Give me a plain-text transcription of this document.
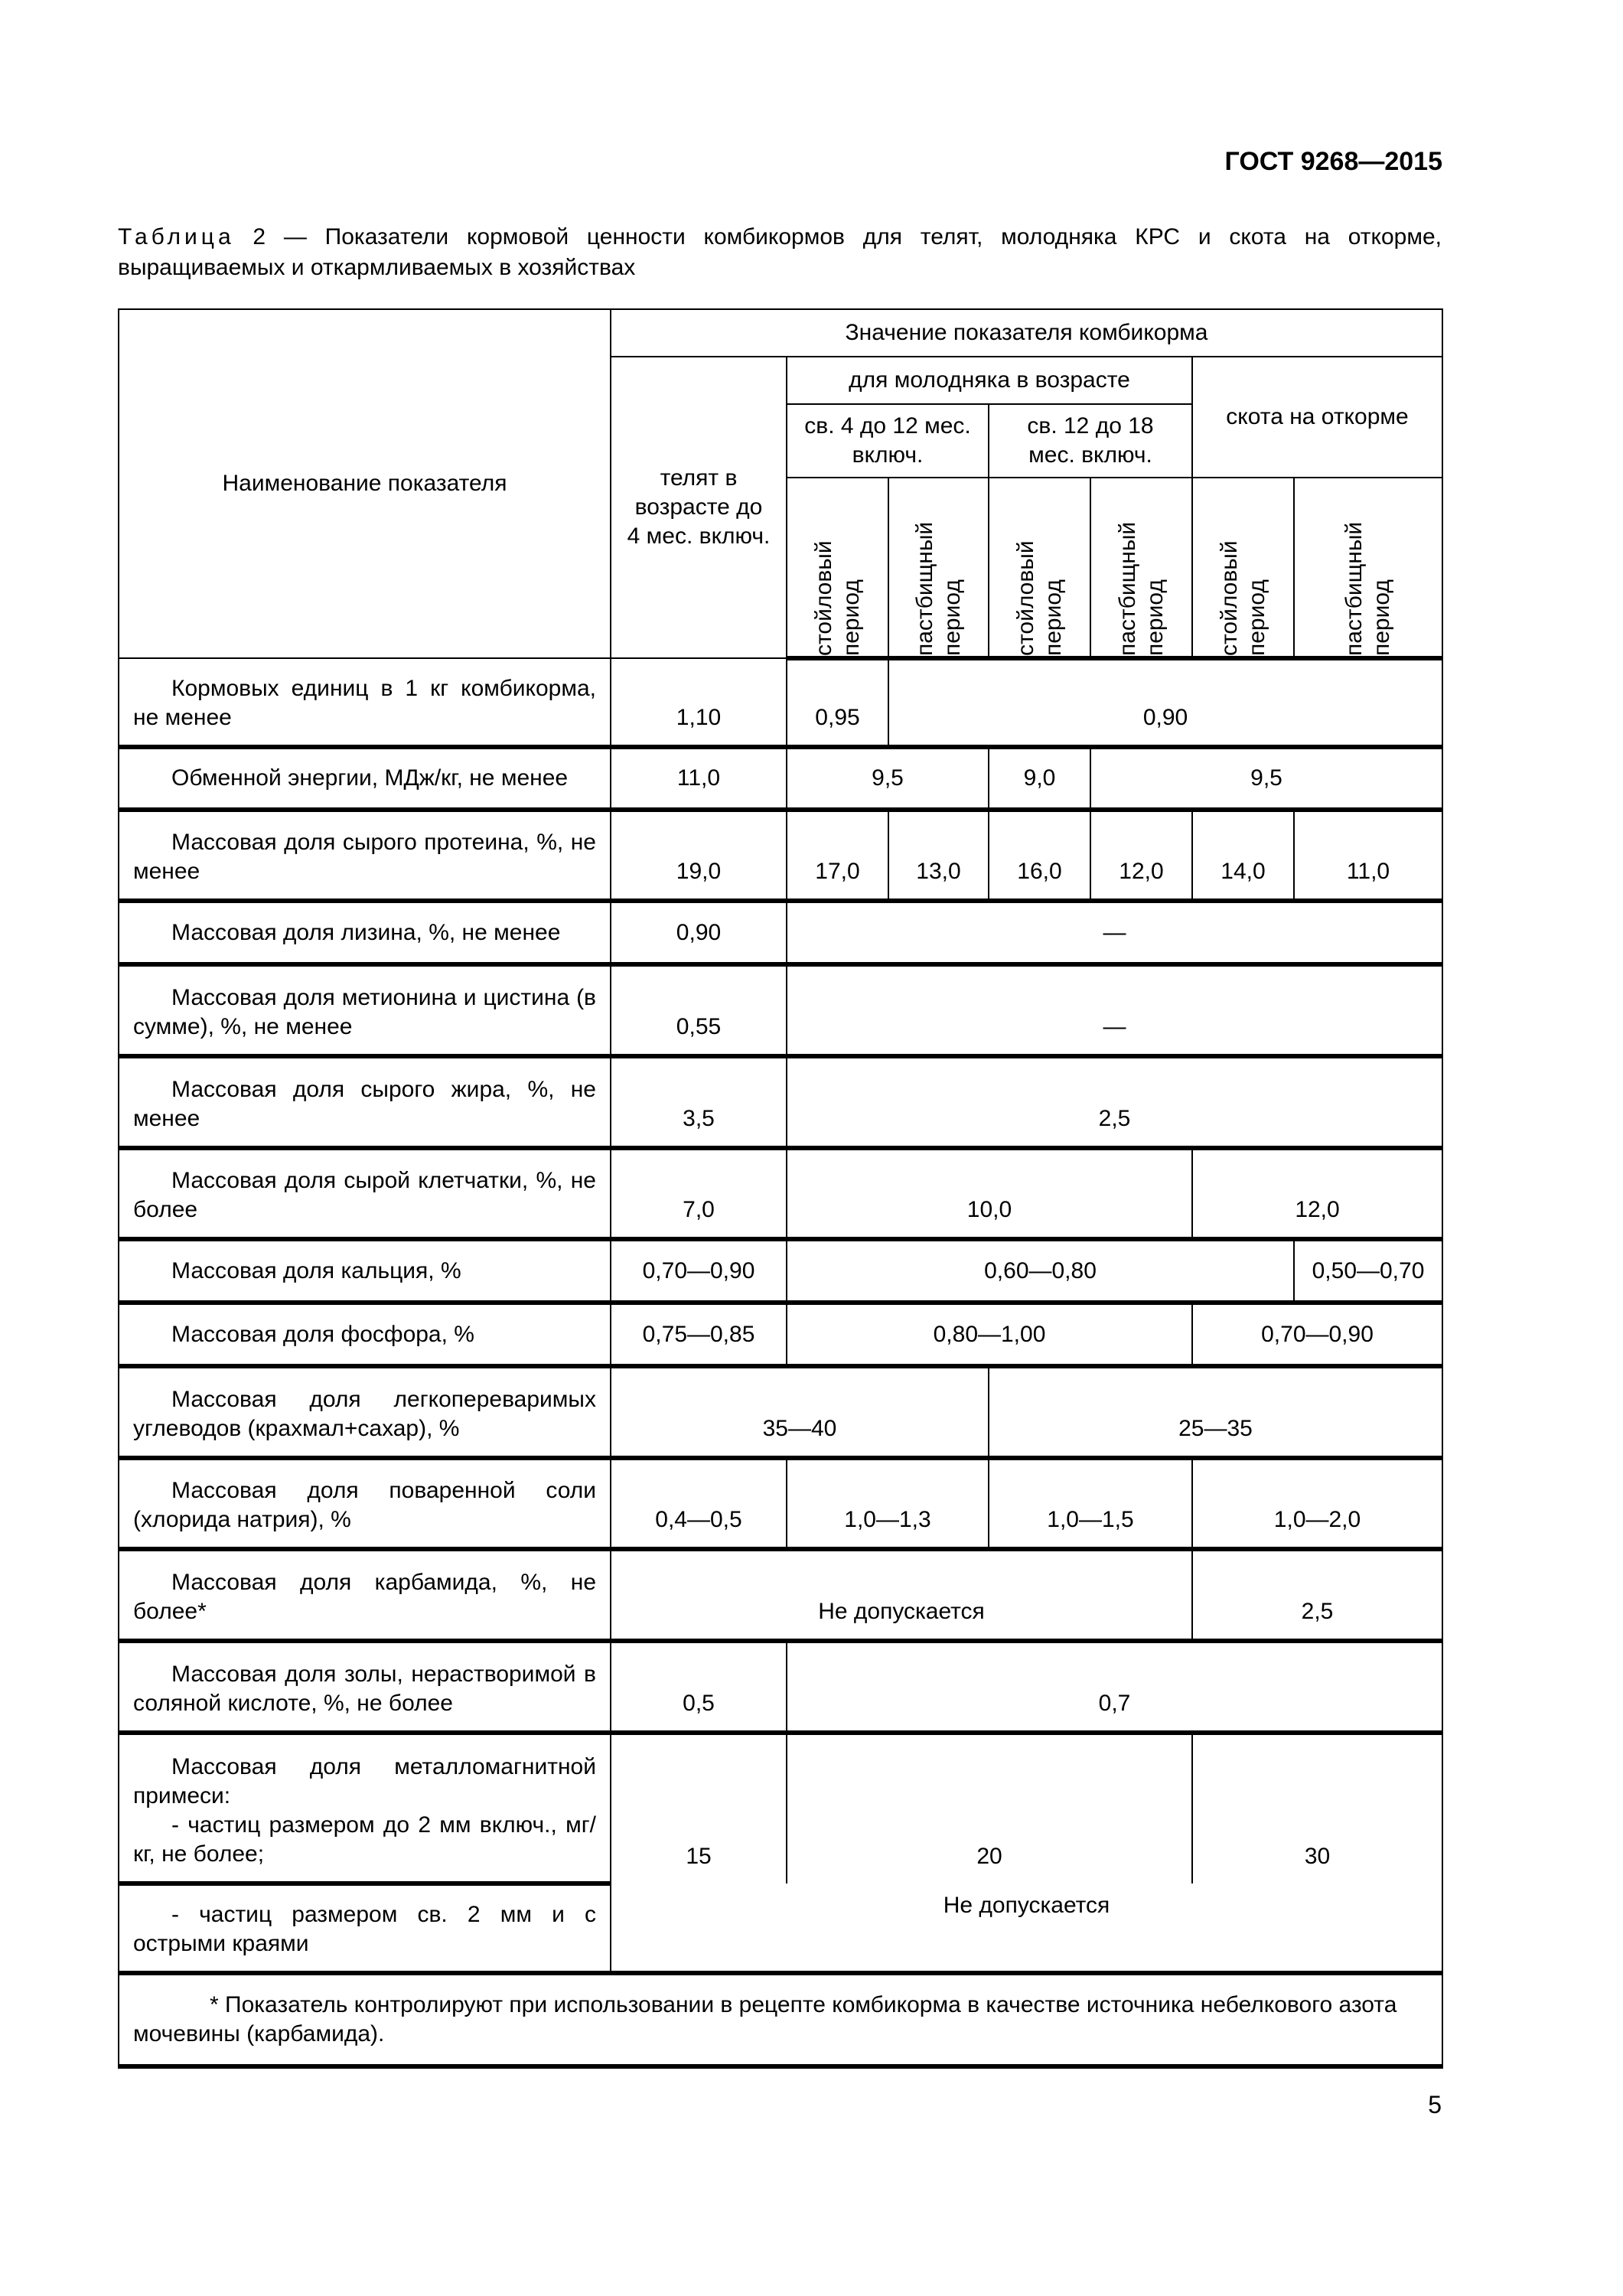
ГОСТ 9268—2015
Таблица 2 — Показатели кормовой ценности комбикормов для телят, молодняка КРС и скота на откорме, выращиваемых и откармливаемых в хозяйствах
Наименование показателя	Значение показателя комбикорма						
	телят в возрасте до 4 мес. включ.	для молодняка в возрасте				скота на откорме	
		св. 4 до 12 мес. включ.		св. 12 до 18 мес. включ.			

		стойловый период	пастбищный период	стойловый период	пастбищный период	стойловый период	пастбищный период

Кормовых единиц в 1 кг комбикорма, не менее	1,10	0,95	0,90				
Обменной энергии, МДж/кг, не менее	11,0	9,5		9,0	9,5		
Массовая доля сырого протеина, %, не менее	19,0	17,0	13,0	16,0	12,0	14,0	11,0
Массовая доля лизина, %, не менее	0,90	—					
Массовая доля метионина и цистина (в сумме), %, не менее	0,55	—					
Массовая доля сырого жира, %, не менее	3,5	2,5					
Массовая доля сырой клетчатки, %, не более	7,0	10,0				12,0	
Массовая доля кальция, %	0,70—0,90	0,60—0,80					0,50—0,70
Массовая доля фосфора, %	0,75—0,85	0,80—1,00				0,70—0,90	
Массовая доля легкопереваримых углеводов (крахмал+сахар), %	35—40			25—35			
Массовая доля поваренной соли (хлорида натрия), %	0,4—0,5	1,0—1,3		1,0—1,5		1,0—2,0	
Массовая доля карбамида, %, не более*	Не допускается					2,5	
Массовая доля золы, нерастворимой в соляной кислоте, %, не более	0,5	0,7					
Массовая доля металломагнитной примеси:
- частиц размером до 2 мм включ., мг/кг, не более;	15	20				30	
- частиц размером св. 2 мм и с острыми краями	Не допускается						
* Показатель контролируют при использовании в рецепте комбикорма в качестве источника небелкового азота мочевины (карбамида).							
5
